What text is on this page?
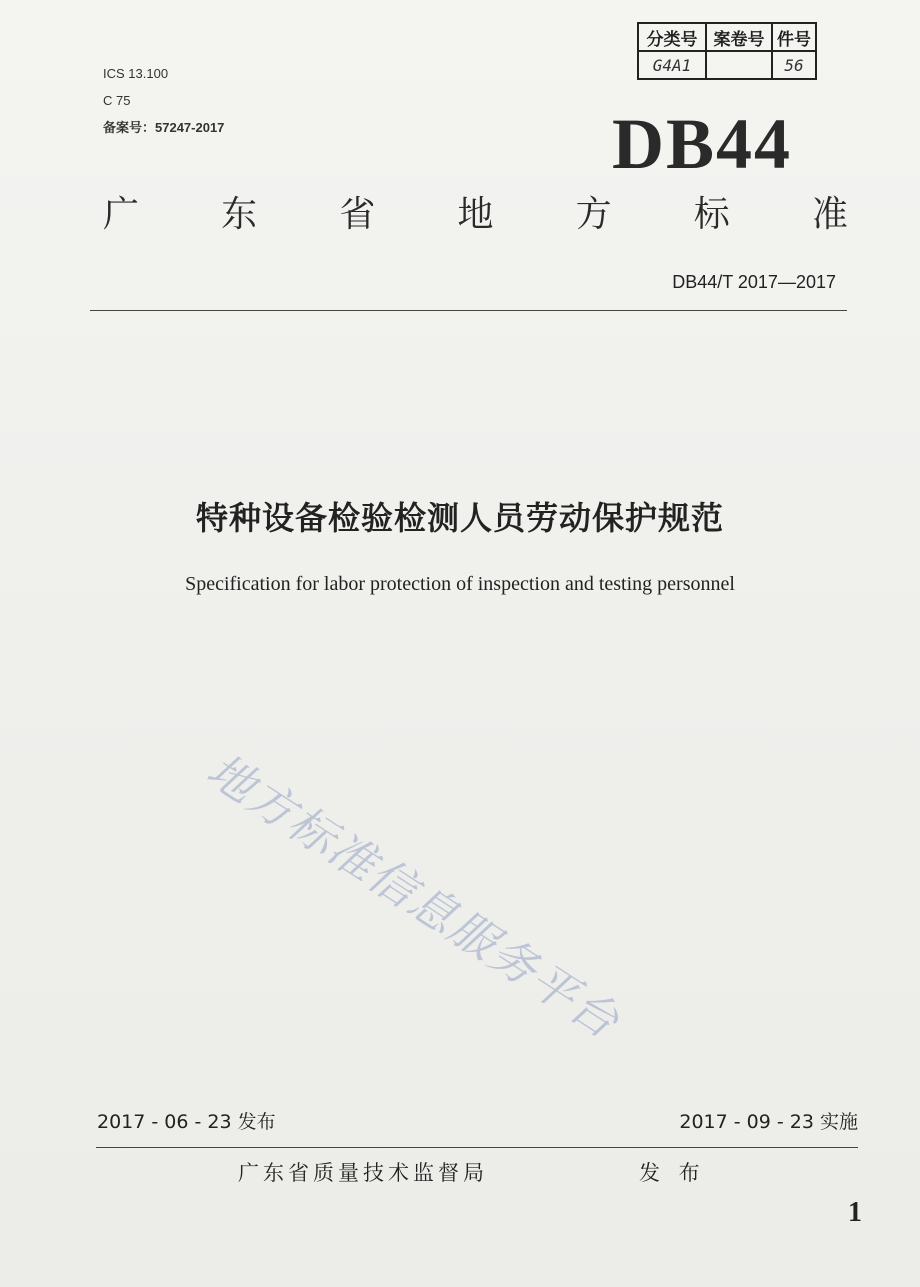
ICS 13.100
C 75
备案号：57247-2017
分类号	案卷号	件号
G4A1		56
DB44
广 东 省 地 方 标 准
DB44/T 2017—2017
特种设备检验检测人员劳动保护规范
Specification for labor protection of inspection and testing personnel
地方标准信息服务平台
2017 - 06 - 23 发布	2017 - 09 - 23 实施
广东省质量技术监督局	发 布
1
